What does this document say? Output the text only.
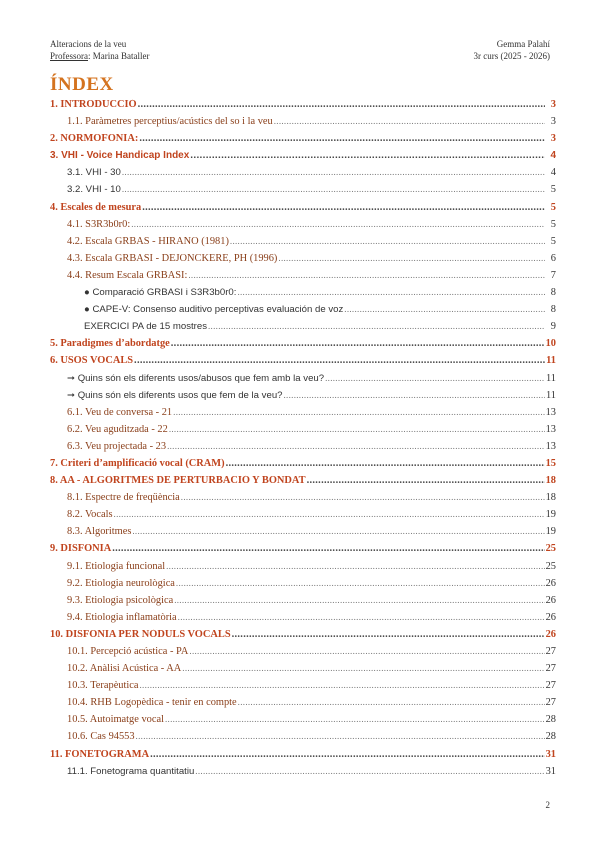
Alteracions de la veu
Professora: Marina Bataller
Gemma Palahí
3r curs (2025 - 2026)
ÍNDEX
1. INTRODUCCIÓ .....	3
1.1. Paràmetres perceptius/acústics del so i la veu .....	3
2. NORMOFONIA: .....	3
3. VHI - Voice Handicap Index .....	4
3.1. VHI - 30 .....	4
3.2. VHI - 10 .....	5
4. Escales de mesura .....	5
4.1. S3R3b0r0: .....	5
4.2. Escala GRBAS - HIRANO (1981) .....	5
4.3. Escala GRBASI - DEJONCKERE, PH (1996) .....	6
4.4. Resum Escala GRBASI: .....	7
● Comparació GRBASI i S3R3b0r0: .....	8
● CAPE-V: Consenso auditivo perceptivas evaluación de voz .....	8
EXERCICI PA de 15 mostres .....	9
5. Paradigmes d’abordatge .....	10
6. USOS VOCALS .....	11
➞ Quins són els diferents usos/abusos que fem amb la veu? .....	11
➞ Quins són els diferents usos que fem de la veu? .....	11
6.1. Veu de conversa - 21 .....	13
6.2. Veu aguditzada - 22 .....	13
6.3. Veu projectada - 23 .....	13
7. Criteri d’amplificació vocal (CRAM) .....	15
8. AA - ALGORITMES DE PERTURBACIÓ Y BONDAT .....	18
8.1. Espectre de freqüència .....	18
8.2. Vocals .....	19
8.3. Algoritmes .....	19
9. DISFONIA .....	25
9.1. Etiologia funcional .....	25
9.2. Etiologia neurològica .....	26
9.3. Etiologia psicològica .....	26
9.4. Etiologia inflamatòria .....	26
10. DISFONIA PER NÒDULS VOCALS .....	26
10.1. Percepció acústica - PA .....	27
10.2. Anàlisi Acústica - AA .....	27
10.3. Terapèutica .....	27
10.4. RHB Logopèdica - tenir en compte .....	27
10.5. Autoimatge vocal .....	28
10.6. Cas 94553 .....	28
11. FONETOGRAMA .....	31
11.1. Fonetograma quantitatiu .....	31
2
